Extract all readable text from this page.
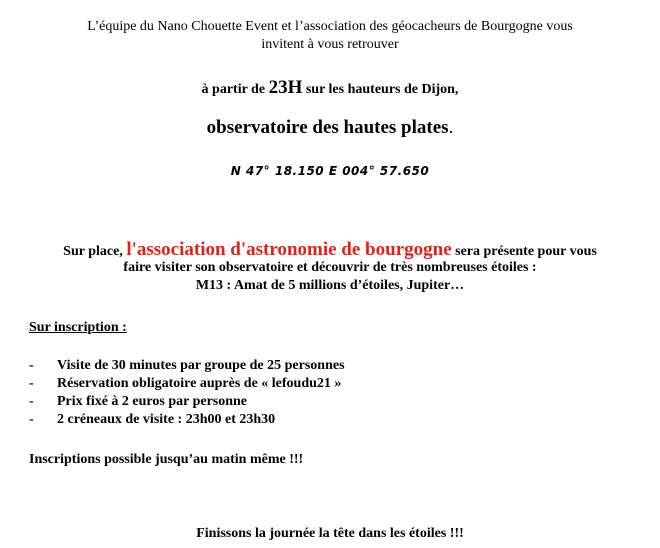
L’équipe du Nano Chouette Event et l’association des géocacheurs de Bourgogne vous
invitent à vous retrouver
à partir de 23H sur les hauteurs de Dijon,
observatoire des hautes plates.
N 47° 18.150 E 004° 57.650
Sur place, l'association d'astronomie de bourgogne sera présente pour vous
faire visiter son observatoire et découvrir de très nombreuses étoiles :
M13 : Amat de 5 millions d’étoiles, Jupiter…
Sur inscription :
- Visite de 30 minutes par groupe de 25 personnes
- Réservation obligatoire auprès de « lefoudu21 »
- Prix fixé à 2 euros par personne
- 2 créneaux de visite : 23h00 et 23h30
Inscriptions possible jusqu’au matin même !!!
Finissons la journée la tête dans les étoiles !!!
